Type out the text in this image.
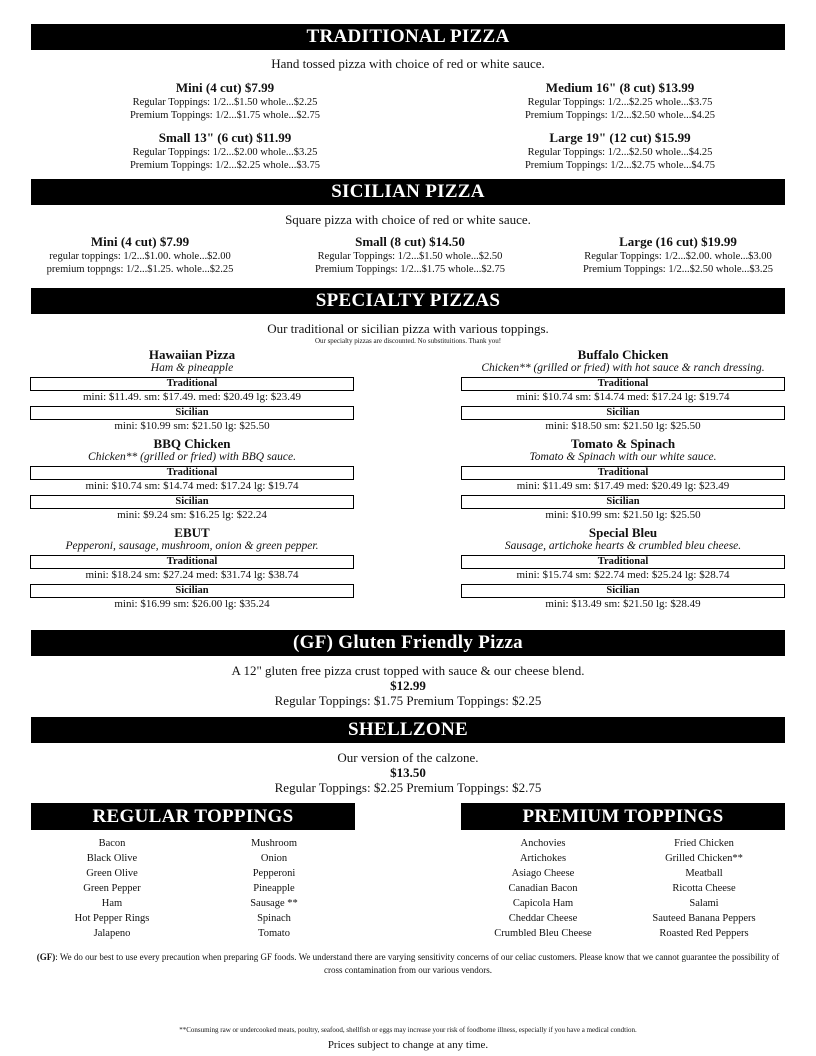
TRADITIONAL PIZZA
Hand tossed pizza with choice of red or white sauce.
Mini (4 cut) $7.99
Regular Toppings: 1/2...$1.50 whole...$2.25
Premium Toppings: 1/2...$1.75 whole...$2.75
Medium 16" (8 cut) $13.99
Regular Toppings: 1/2...$2.25 whole...$3.75
Premium Toppings: 1/2...$2.50 whole...$4.25
Small 13" (6 cut) $11.99
Regular Toppings: 1/2...$2.00 whole...$3.25
Premium Toppings: 1/2...$2.25 whole...$3.75
Large 19" (12 cut) $15.99
Regular Toppings: 1/2...$2.50 whole...$4.25
Premium Toppings: 1/2...$2.75 whole...$4.75
SICILIAN PIZZA
Square pizza with choice of red or white sauce.
Mini (4 cut) $7.99
regular toppings: 1/2...$1.00. whole...$2.00
premium toppngs: 1/2...$1.25. whole...$2.25
Small (8 cut) $14.50
Regular Toppings: 1/2...$1.50 whole...$2.50
Premium Toppings: 1/2...$1.75 whole...$2.75
Large (16 cut) $19.99
Regular Toppings: 1/2...$2.00. whole...$3.00
Premium Toppings: 1/2...$2.50 whole...$3.25
SPECIALTY PIZZAS
Our traditional or sicilian pizza with various toppings.
Our specialty pizzas are discounted. No substituitions. Thank you!
Hawaiian Pizza
Ham & pineapple
Traditional
mini: $11.49. sm: $17.49. med: $20.49 lg: $23.49
Sicilian
mini: $10.99 sm: $21.50 lg: $25.50
BBQ Chicken
Chicken** (grilled or fried) with BBQ sauce.
Traditional
mini: $10.74 sm: $14.74 med: $17.24 lg: $19.74
Sicilian
mini: $9.24 sm: $16.25 lg: $22.24
EBUT
Pepperoni, sausage, mushroom, onion & green pepper.
Traditional
mini: $18.24 sm: $27.24 med: $31.74 lg: $38.74
Sicilian
mini: $16.99 sm: $26.00 lg: $35.24
Buffalo Chicken
Chicken** (grilled or fried) with hot sauce & ranch dressing.
Traditional
mini: $10.74 sm: $14.74 med: $17.24 lg: $19.74
Sicilian
mini: $18.50 sm: $21.50 lg: $25.50
Tomato & Spinach
Tomato & Spinach with our white sauce.
Traditional
mini: $11.49 sm: $17.49 med: $20.49 lg: $23.49
Sicilian
mini: $10.99 sm: $21.50 lg: $25.50
Special Bleu
Sausage, artichoke hearts & crumbled bleu cheese.
Traditional
mini: $15.74 sm: $22.74 med: $25.24 lg: $28.74
Sicilian
mini: $13.49 sm: $21.50 lg: $28.49
(GF) Gluten Friendly Pizza
A 12" gluten free pizza crust topped with sauce & our cheese blend.
$12.99
Regular Toppings: $1.75 Premium Toppings: $2.25
SHELLZONE
Our version of the calzone.
$13.50
Regular Toppings: $2.25 Premium Toppings: $2.75
REGULAR TOPPINGS	PREMIUM TOPPINGS
Bacon
Black Olive
Green Olive
Green Pepper
Ham
Hot Pepper Rings
Jalapeno
Mushroom
Onion
Pepperoni
Pineapple
Sausage **
Spinach
Tomato
Anchovies
Artichokes
Asiago Cheese
Canadian Bacon
Capicola Ham
Cheddar Cheese
Crumbled Bleu Cheese
Fried Chicken
Grilled Chicken**
Meatball
Ricotta Cheese
Salami
Sauteed Banana Peppers
Roasted Red Peppers
(GF): We do our best to use every precaution when preparing GF foods. We understand there are varying sensitivity concerns of our celiac customers. Please know that we cannot guarantee the possibility of cross contamination from our various vendors.
**Consuming raw or undercooked meats, poultry, seafood, shellfish or eggs may increase your risk of foodborne illness, especially if you have a medical condtion.
Prices subject to change at any time.
